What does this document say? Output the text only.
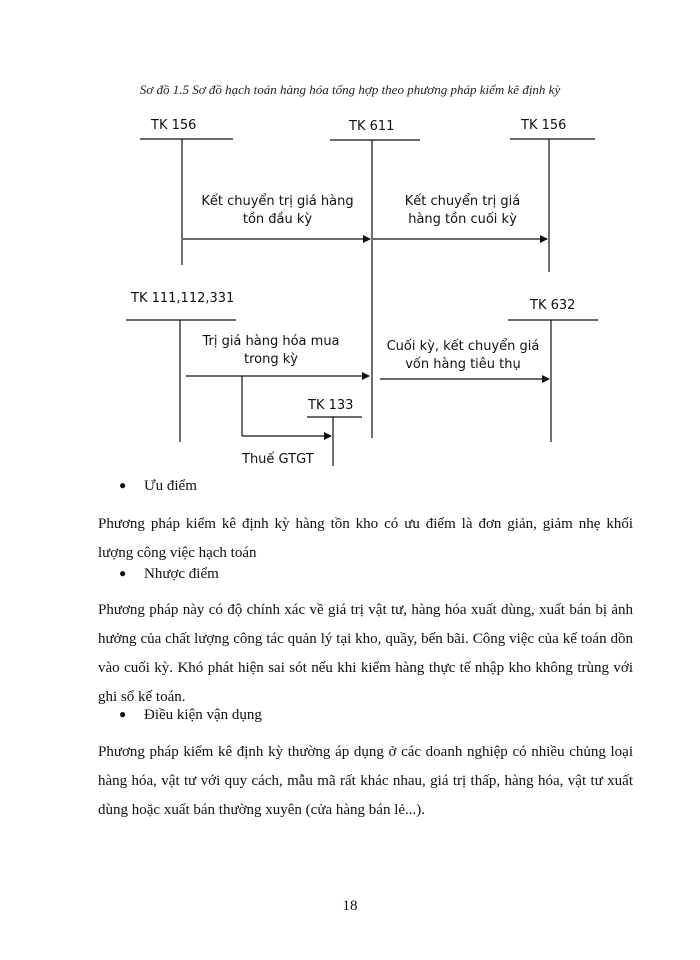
Sơ đồ 1.5 Sơ đồ hạch toán hàng hóa tổng hợp theo phương pháp kiểm kê định kỳ
TK 156	TK 611	TK 156
TK 111,112,331	TK 632
TK 133
Kết chuyển trị giá hàng tồn đầu kỳ
Kết chuyển trị giá hàng tồn cuối kỳ
Trị giá hàng hóa mua trong kỳ
Cuối kỳ, kết chuyển giá vốn hàng tiêu thụ
Thuế GTGT
● Ưu điểm
Phương pháp kiểm kê định kỳ hàng tồn kho có ưu điểm là đơn giản, giảm nhẹ khối lượng công việc hạch toán
● Nhược điểm
Phương pháp này có độ chính xác về giá trị vật tư, hàng hóa xuất dùng, xuất bán bị ảnh hưởng của chất lượng công tác quản lý tại kho, quầy, bến bãi. Công việc của kế toán dồn vào cuối kỳ. Khó phát hiện sai sót nếu khi kiểm hàng thực tế nhập kho không trùng với ghi sổ kế toán.
● Điều kiện vận dụng
Phương pháp kiểm kê định kỳ thường áp dụng ở các doanh nghiệp có nhiều chủng loại hàng hóa, vật tư với quy cách, mẫu mã rất khác nhau, giá trị thấp, hàng hóa, vật tư xuất dùng hoặc xuất bán thường xuyên (cửa hàng bán lẻ...).
18
